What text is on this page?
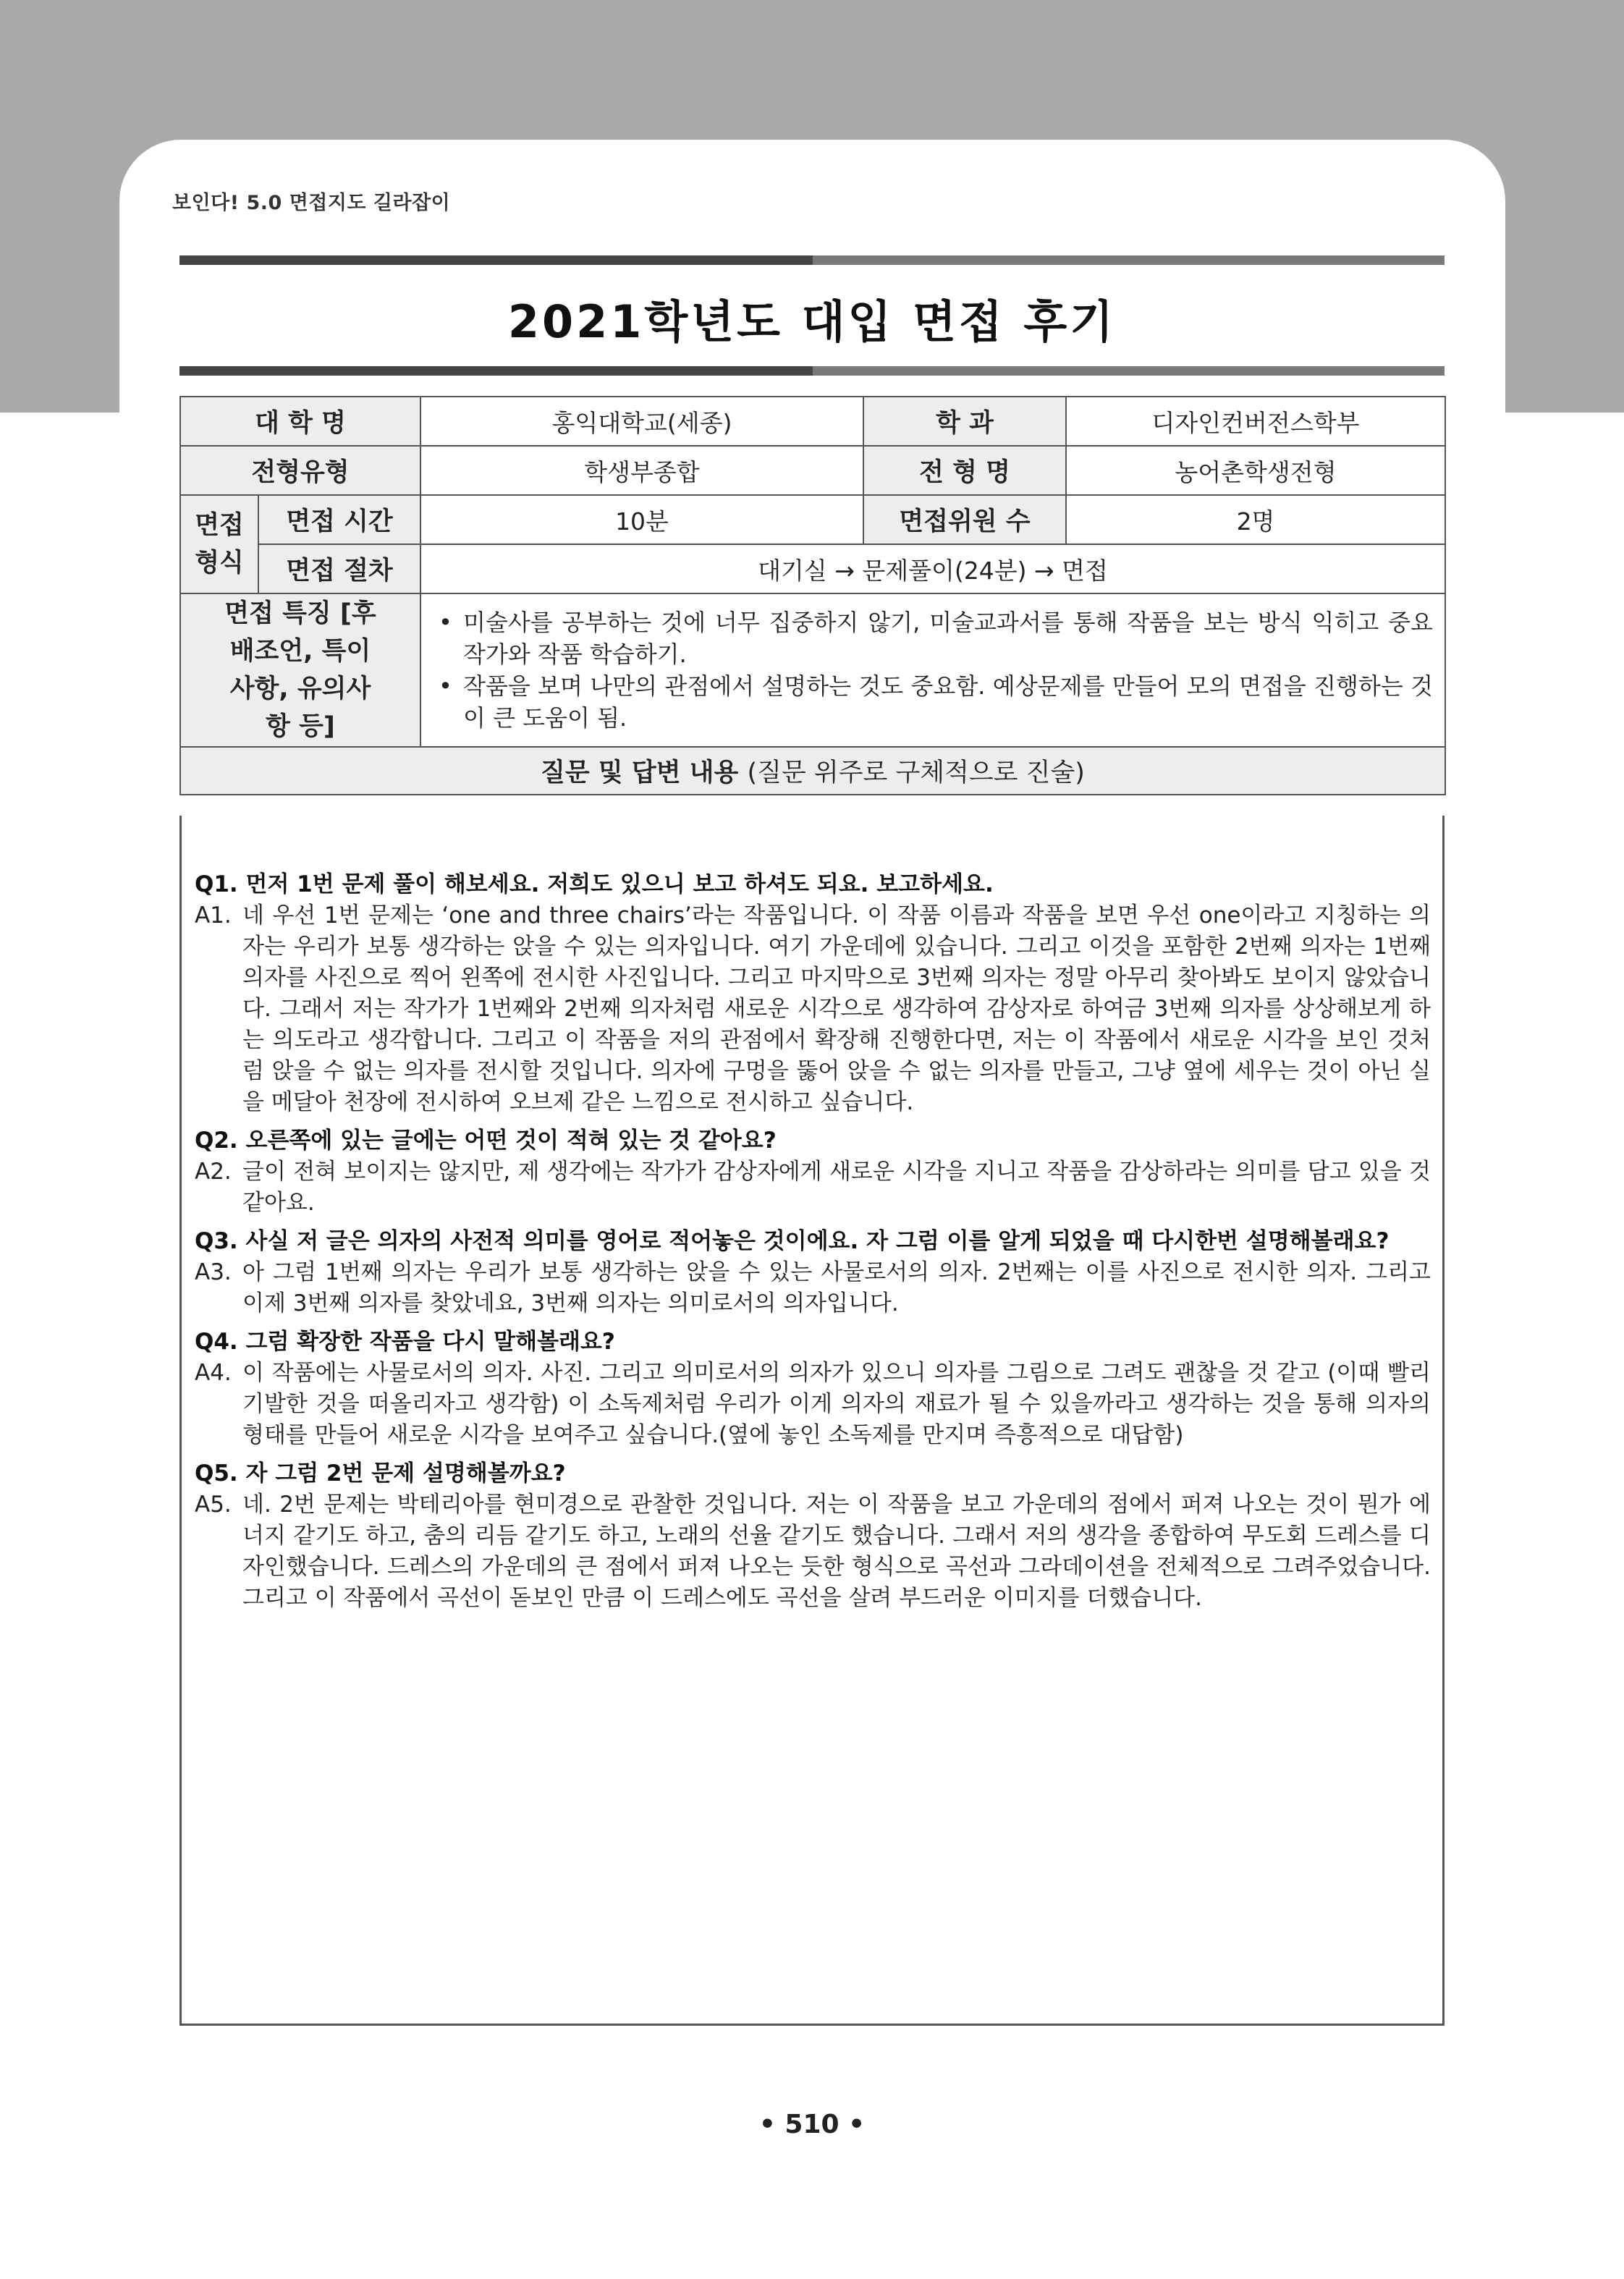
보인다! 5.0 면접지도 길라잡이
2021학년도 대입 면접 후기
대 학 명		홍익대학교(세종)	학 과	디자인컨버전스학부
전형유형		학생부종합	전 형 명	농어촌학생전형
면접 형식	면접 시간	10분	면접위원 수	2명
	면접 절차	대기실 → 문제풀이(24분) → 면접		
면접 특징 [후배조언, 특이사항, 유의사항 등]		• 미술사를 공부하는 것에 너무 집중하지 않기, 미술교과서를 통해 작품을 보는 방식 익히고 중요 작가와 작품 학습하기.
• 작품을 보며 나만의 관점에서 설명하는 것도 중요함. 예상문제를 만들어 모의 면접을 진행하는 것이 큰 도움이 됨.		

질문 및 답변 내용 (질문 위주로 구체적으로 진술)				
Q1. 먼저 1번 문제 풀이 해보세요. 저희도 있으니 보고 하셔도 되요. 보고하세요.
A1. 네 우선 1번 문제는 ‘one and three chairs’라는 작품입니다. 이 작품 이름과 작품을 보면 우선 one이라고 지칭하는 의자는 우리가 보통 생각하는 앉을 수 있는 의자입니다. 여기 가운데에 있습니다. 그리고 이것을 포함한 2번째 의자는 1번째 의자를 사진으로 찍어 왼쪽에 전시한 사진입니다. 그리고 마지막으로 3번째 의자는 정말 아무리 찾아봐도 보이지 않았습니다. 그래서 저는 작가가 1번째와 2번째 의자처럼 새로운 시각으로 생각하여 감상자로 하여금 3번째 의자를 상상해보게 하는 의도라고 생각합니다. 그리고 이 작품을 저의 관점에서 확장해 진행한다면, 저는 이 작품에서 새로운 시각을 보인 것처럼 앉을 수 없는 의자를 전시할 것입니다. 의자에 구멍을 뚫어 앉을 수 없는 의자를 만들고, 그냥 옆에 세우는 것이 아닌 실을 메달아 천장에 전시하여 오브제 같은 느낌으로 전시하고 싶습니다.
Q2. 오른쪽에 있는 글에는 어떤 것이 적혀 있는 것 같아요?
A2. 글이 전혀 보이지는 않지만, 제 생각에는 작가가 감상자에게 새로운 시각을 지니고 작품을 감상하라는 의미를 담고 있을 것 같아요.
Q3. 사실 저 글은 의자의 사전적 의미를 영어로 적어놓은 것이에요. 자 그럼 이를 알게 되었을 때 다시한번 설명해볼래요?
A3. 아 그럼 1번째 의자는 우리가 보통 생각하는 앉을 수 있는 사물로서의 의자. 2번째는 이를 사진으로 전시한 의자. 그리고 이제 3번째 의자를 찾았네요, 3번째 의자는 의미로서의 의자입니다.
Q4. 그럼 확장한 작품을 다시 말해볼래요?
A4. 이 작품에는 사물로서의 의자. 사진. 그리고 의미로서의 의자가 있으니 의자를 그림으로 그려도 괜찮을 것 같고 (이때 빨리 기발한 것을 떠올리자고 생각함) 이 소독제처럼 우리가 이게 의자의 재료가 될 수 있을까라고 생각하는 것을 통해 의자의 형태를 만들어 새로운 시각을 보여주고 싶습니다.(옆에 놓인 소독제를 만지며 즉흥적으로 대답함)
Q5. 자 그럼 2번 문제 설명해볼까요?
A5. 네. 2번 문제는 박테리아를 현미경으로 관찰한 것입니다. 저는 이 작품을 보고 가운데의 점에서 퍼져 나오는 것이 뭔가 에너지 같기도 하고, 춤의 리듬 같기도 하고, 노래의 선율 같기도 했습니다. 그래서 저의 생각을 종합하여 무도회 드레스를 디자인했습니다. 드레스의 가운데의 큰 점에서 퍼져 나오는 듯한 형식으로 곡선과 그라데이션을 전체적으로 그려주었습니다. 그리고 이 작품에서 곡선이 돋보인 만큼 이 드레스에도 곡선을 살려 부드러운 이미지를 더했습니다.
• 510 •
